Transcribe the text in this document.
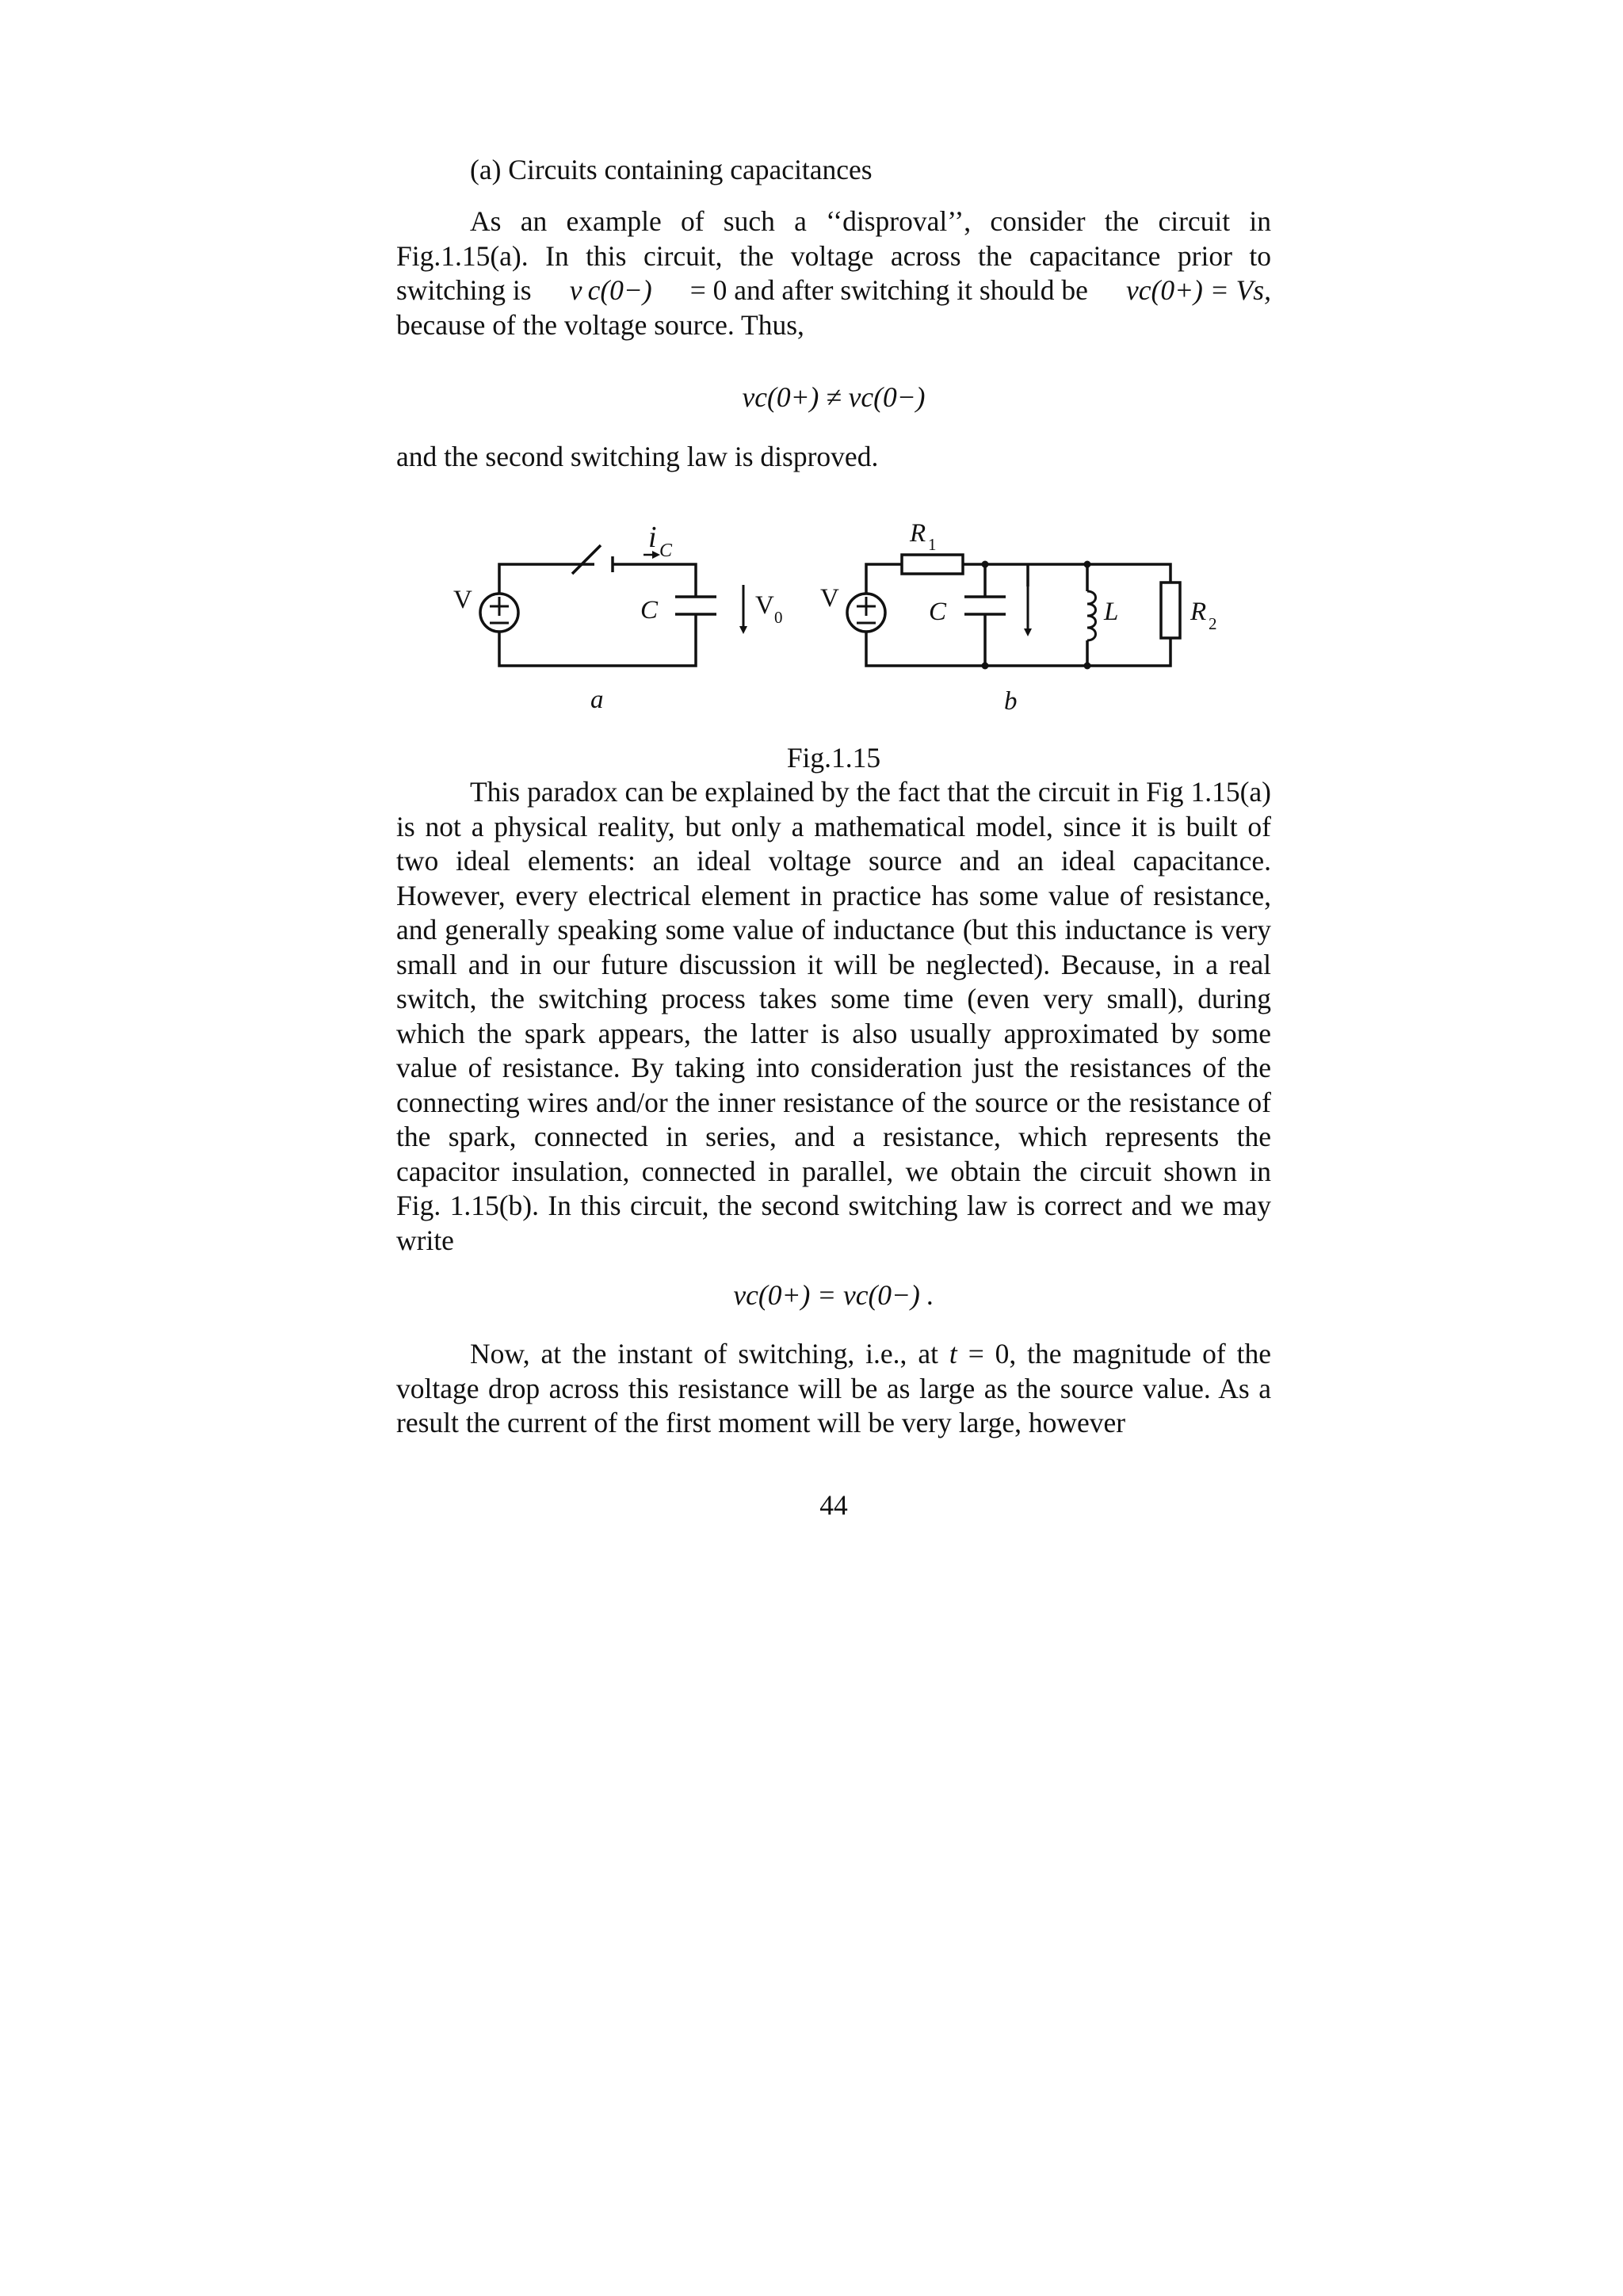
(a) Circuits containing capacitances

As an example of such a ‘‘disproval’’, consider the circuit in

Fig.1.15(a). In this circuit, the voltage across the capacitance prior to

switching is v c(0−) = 0 and after switching it should be vc(0+) = Vs,

because of the voltage source. Thus,

vc(0+) ≠ vc(0−)

and the second switching law is disproved.

V
i C
C	V 0
a
V
R 1
C	L	R 2
b
Fig.1.15

This paradox can be explained by the fact that the circuit in Fig 1.15(a) is not a physical reality, but only a mathematical model, since it is built of two ideal elements: an ideal voltage source and an ideal capacitance. However, every electrical element in practice has some value of resistance, and generally speaking some value of inductance (but this inductance is very small and in our future discussion it will be neglected). Because, in a real switch, the switching process takes some time (even very small), during which the spark appears, the latter is also usually approximated by some value of resistance. By taking into consideration just the resistances of the connecting wires and/or the inner resistance of the source or the resistance of the spark, connected in series, and a resistance, which represents the capacitor insulation, connected in parallel, we obtain the circuit shown in Fig. 1.15(b). In this circuit, the second switching law is correct and we may write

vc(0+) = vc(0−) .

Now, at the instant of switching, i.e., at t = 0, the magnitude of the voltage drop across this resistance will be as large as the source value. As a result the current of the first moment will be very large, however

44
